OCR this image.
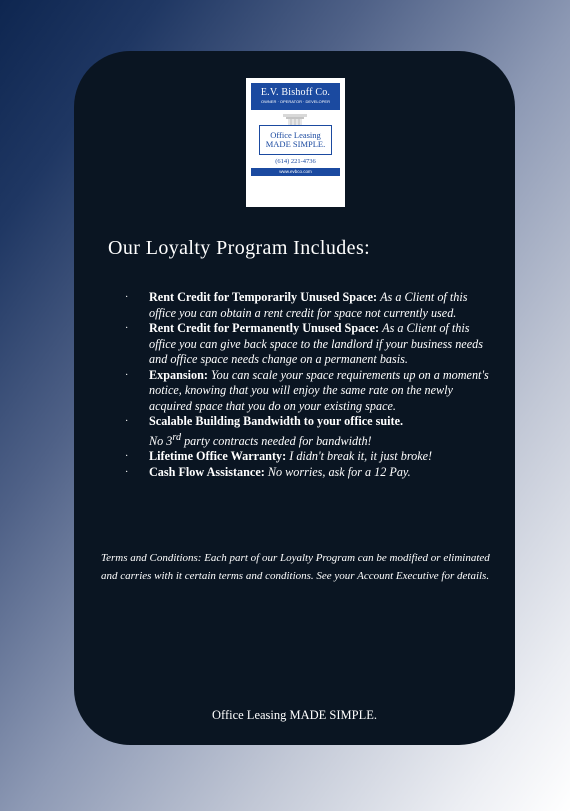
E.V. Bishoff Co.
OWNER · OPERATOR · DEVELOPER
Office Leasing
MADE SIMPLE.
(614) 221-4736
www.evbco.com
Our Loyalty Program Includes:
· Rent Credit for Temporarily Unused Space: As a Client of this office you can obtain a rent credit for space not currently used.
· Rent Credit for Permanently Unused Space: As a Client of this office you can give back space to the landlord if your business needs and office space needs change on a permanent basis.
· Expansion: You can scale your space requirements up on a moment's notice, knowing that you will enjoy the same rate on the newly acquired space that you do on your existing space.
· Scalable Building Bandwidth to your office suite.
No 3rd party contracts needed for bandwidth!
· Lifetime Office Warranty: I didn't break it, it just broke!
· Cash Flow Assistance: No worries, ask for a 12 Pay.

Terms and Conditions: Each part of our Loyalty Program can be modified or eliminated and carries with it certain terms and conditions. See your Account Executive for details.

Office Leasing MADE SIMPLE.
